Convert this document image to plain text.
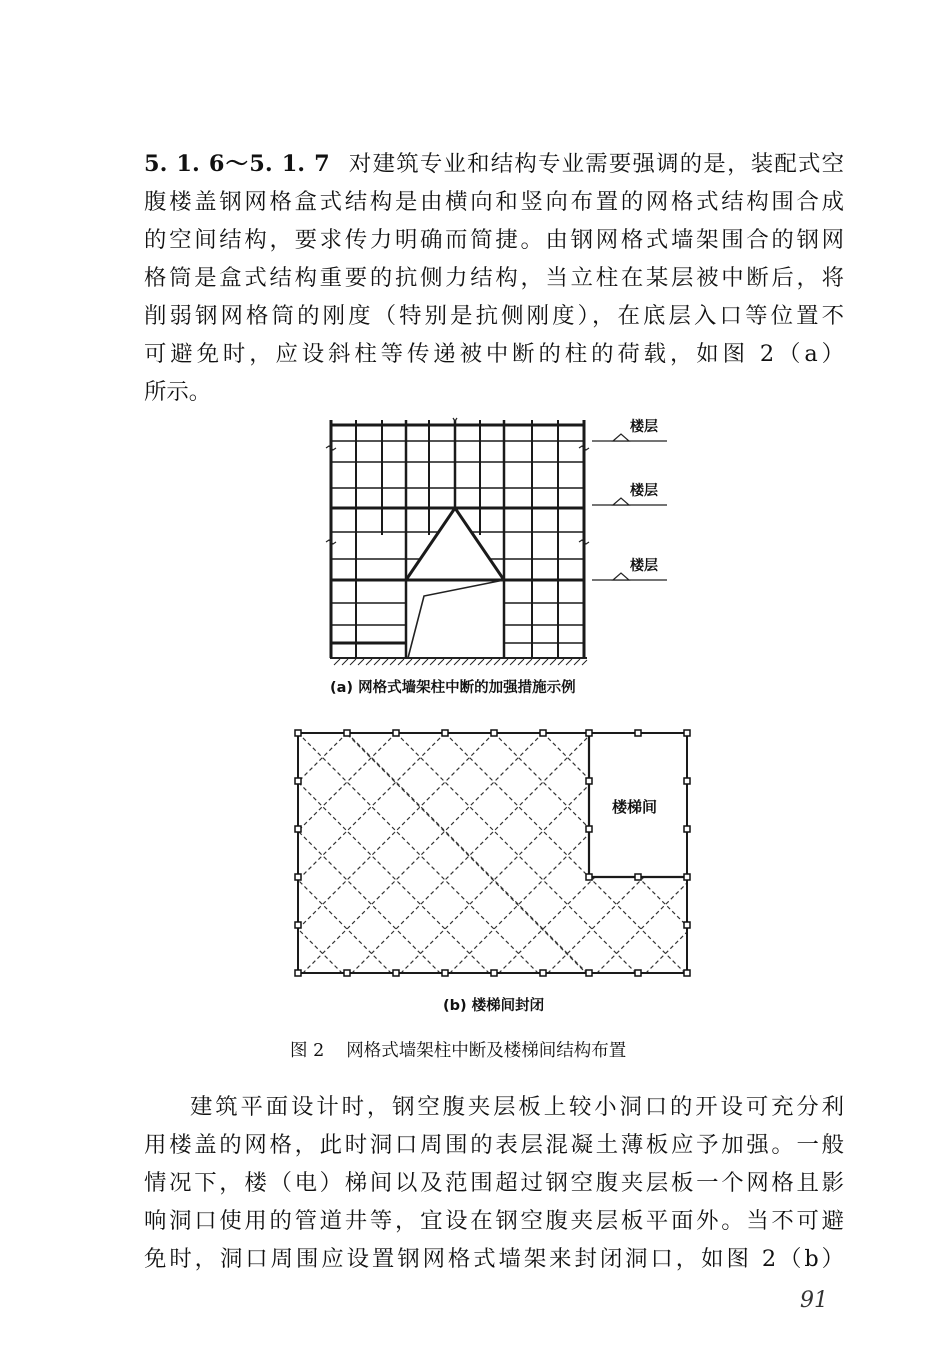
5. 1. 6～5. 1. 7 对建筑专业和结构专业需要强调的是，装配式空
腹楼盖钢网格盒式结构是由横向和竖向布置的网格式结构围合成
的空间结构，要求传力明确而简捷。由钢网格式墙架围合的钢网
格筒是盒式结构重要的抗侧力结构，当立柱在某层被中断后，将
削弱钢网格筒的刚度（特别是抗侧刚度），在底层入口等位置不
可避免时，应设斜柱等传递被中断的柱的荷载，如图 2（a）
所示。
楼层
楼层
楼层
(a) 网格式墙架柱中断的加强措施示例
楼梯间
(b) 楼梯间封闭
图 2 网格式墙架柱中断及楼梯间结构布置
建筑平面设计时，钢空腹夹层板上较小洞口的开设可充分利
用楼盖的网格，此时洞口周围的表层混凝土薄板应予加强。一般
情况下，楼（电）梯间以及范围超过钢空腹夹层板一个网格且影
响洞口使用的管道井等，宜设在钢空腹夹层板平面外。当不可避
免时，洞口周围应设置钢网格式墙架来封闭洞口，如图 2（b）
91
